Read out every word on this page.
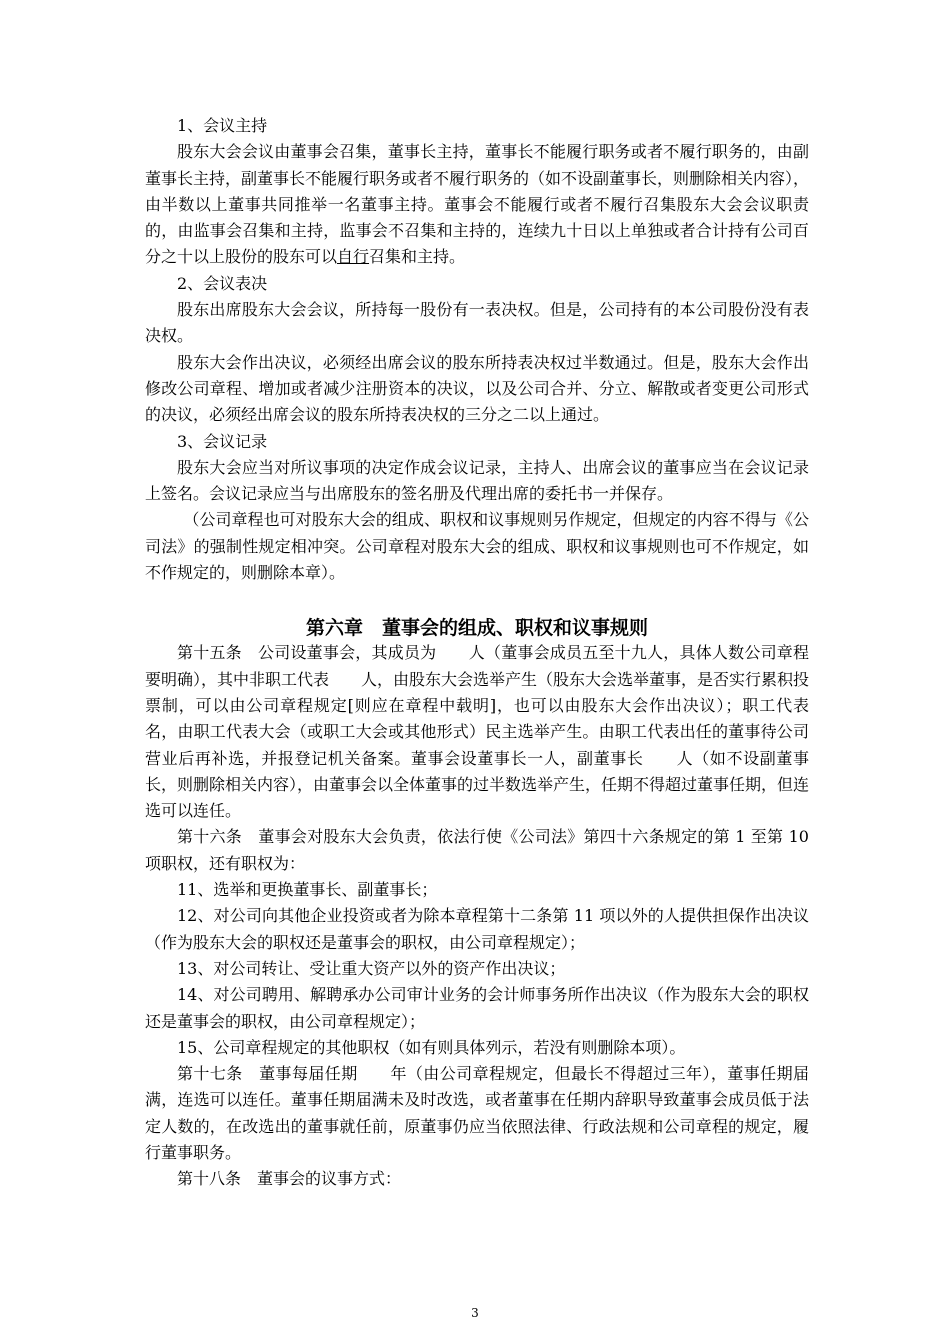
1、会议主持

股东大会会议由董事会召集，董事长主持，董事长不能履行职务或者不履行职务的，由副董事长主持，副董事长不能履行职务或者不履行职务的（如不设副董事长，则删除相关内容），由半数以上董事共同推举一名董事主持。董事会不能履行或者不履行召集股东大会会议职责的，由监事会召集和主持，监事会不召集和主持的，连续九十日以上单独或者合计持有公司百分之十以上股份的股东可以自行召集和主持。

2、会议表决

股东出席股东大会会议，所持每一股份有一表决权。但是，公司持有的本公司股份没有表决权。

股东大会作出决议，必须经出席会议的股东所持表决权过半数通过。但是，股东大会作出修改公司章程、增加或者减少注册资本的决议，以及公司合并、分立、解散或者变更公司形式的决议，必须经出席会议的股东所持表决权的三分之二以上通过。

3、会议记录

股东大会应当对所议事项的决定作成会议记录，主持人、出席会议的董事应当在会议记录上签名。会议记录应当与出席股东的签名册及代理出席的委托书一并保存。

（公司章程也可对股东大会的组成、职权和议事规则另作规定，但规定的内容不得与《公司法》的强制性规定相冲突。公司章程对股东大会的组成、职权和议事规则也可不作规定，如不作规定的，则删除本章）。

第六章　董事会的组成、职权和议事规则

第十五条　公司设董事会，其成员为　　人（董事会成员五至十九人，具体人数公司章程要明确），其中非职工代表　　人，由股东大会选举产生（股东大会选举董事，是否实行累积投票制，可以由公司章程规定[则应在章程中载明]，也可以由股东大会作出决议）；职工代表　　名，由职工代表大会（或职工大会或其他形式）民主选举产生。由职工代表出任的董事待公司营业后再补选，并报登记机关备案。董事会设董事长一人，副董事长　　人（如不设副董事长，则删除相关内容），由董事会以全体董事的过半数选举产生，任期不得超过董事任期，但连选可以连任。

第十六条　董事会对股东大会负责，依法行使《公司法》第四十六条规定的第 1 至第 10 项职权，还有职权为：

11、选举和更换董事长、副董事长；

12、对公司向其他企业投资或者为除本章程第十二条第 11 项以外的人提供担保作出决议（作为股东大会的职权还是董事会的职权，由公司章程规定）；

13、对公司转让、受让重大资产以外的资产作出决议；

14、对公司聘用、解聘承办公司审计业务的会计师事务所作出决议（作为股东大会的职权还是董事会的职权，由公司章程规定）；

15、公司章程规定的其他职权（如有则具体列示，若没有则删除本项）。

第十七条　董事每届任期　　年（由公司章程规定，但最长不得超过三年），董事任期届满，连选可以连任。董事任期届满未及时改选，或者董事在任期内辞职导致董事会成员低于法定人数的，在改选出的董事就任前，原董事仍应当依照法律、行政法规和公司章程的规定，履行董事职务。

第十八条　董事会的议事方式：

3
